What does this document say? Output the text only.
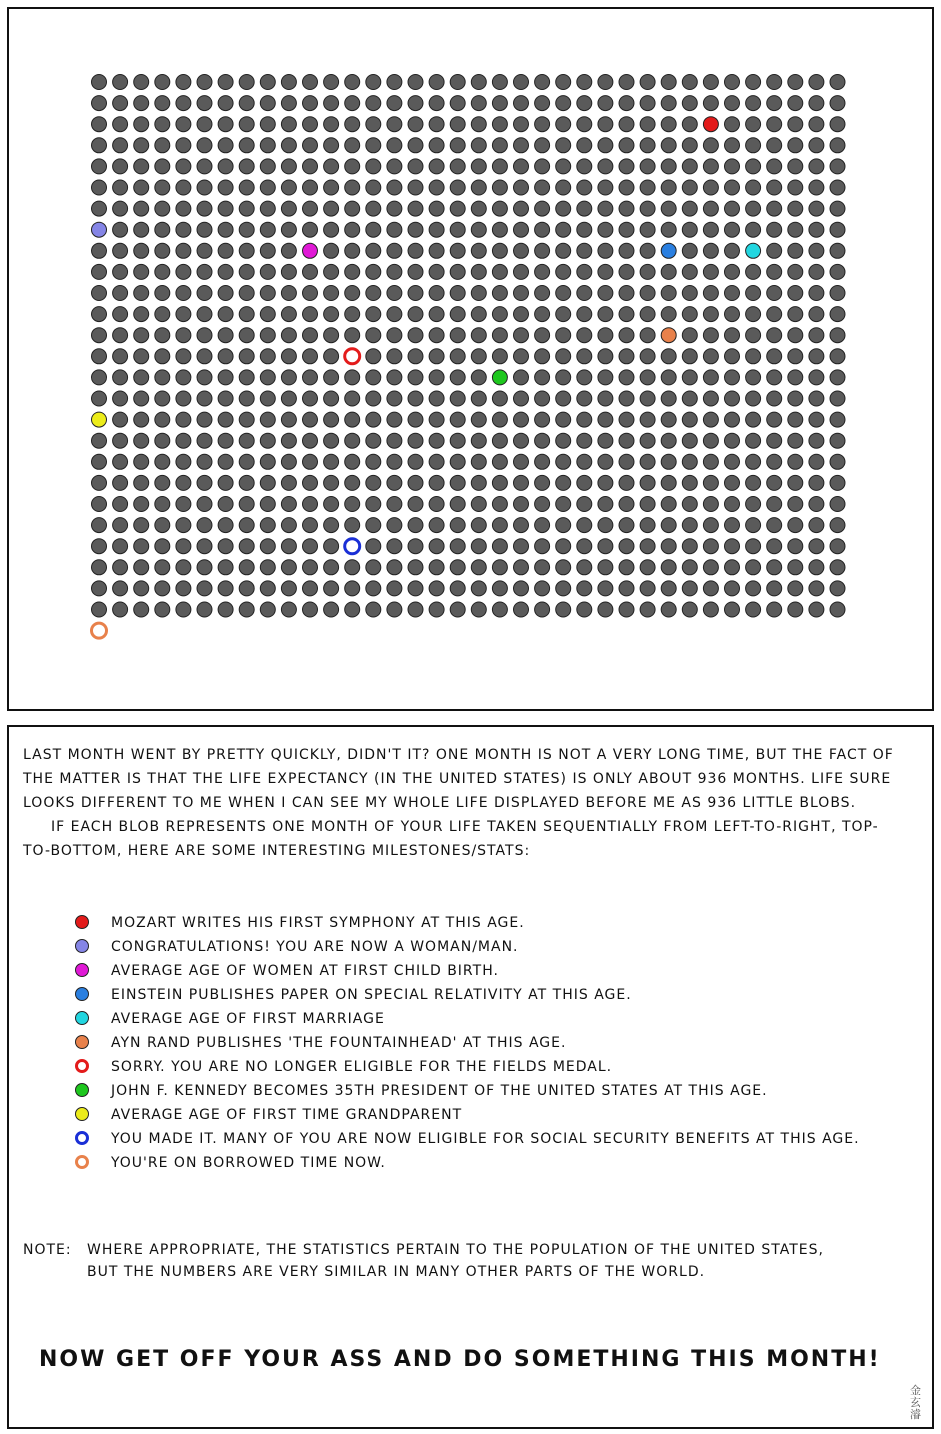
LAST MONTH WENT BY PRETTY QUICKLY, DIDN'T IT? ONE MONTH IS NOT A VERY LONG TIME, BUT THE FACT OF THE MATTER IS THAT THE LIFE EXPECTANCY (IN THE UNITED STATES) IS ONLY ABOUT 936 MONTHS. LIFE SURE LOOKS DIFFERENT TO ME WHEN I CAN SEE MY WHOLE LIFE DISPLAYED BEFORE ME AS 936 LITTLE BLOBS.

IF EACH BLOB REPRESENTS ONE MONTH OF YOUR LIFE TAKEN SEQUENTIALLY FROM LEFT-TO-RIGHT, TOP-TO-BOTTOM, HERE ARE SOME INTERESTING MILESTONES/STATS:

MOZART WRITES HIS FIRST SYMPHONY AT THIS AGE.
CONGRATULATIONS! YOU ARE NOW A WOMAN/MAN.
AVERAGE AGE OF WOMEN AT FIRST CHILD BIRTH.
EINSTEIN PUBLISHES PAPER ON SPECIAL RELATIVITY AT THIS AGE.
AVERAGE AGE OF FIRST MARRIAGE
AYN RAND PUBLISHES 'THE FOUNTAINHEAD' AT THIS AGE.
SORRY. YOU ARE NO LONGER ELIGIBLE FOR THE FIELDS MEDAL.
JOHN F. KENNEDY BECOMES 35TH PRESIDENT OF THE UNITED STATES AT THIS AGE.
AVERAGE AGE OF FIRST TIME GRANDPARENT
YOU MADE IT. MANY OF YOU ARE NOW ELIGIBLE FOR SOCIAL SECURITY BENEFITS AT THIS AGE.
YOU'RE ON BORROWED TIME NOW.
NOTE:	WHERE APPROPRIATE, THE STATISTICS PERTAIN TO THE POPULATION OF THE UNITED STATES, BUT THE NUMBERS ARE VERY SIMILAR IN MANY OTHER PARTS OF THE WORLD.
NOW GET OFF YOUR ASS AND DO SOMETHING THIS MONTH!
金玄濬
